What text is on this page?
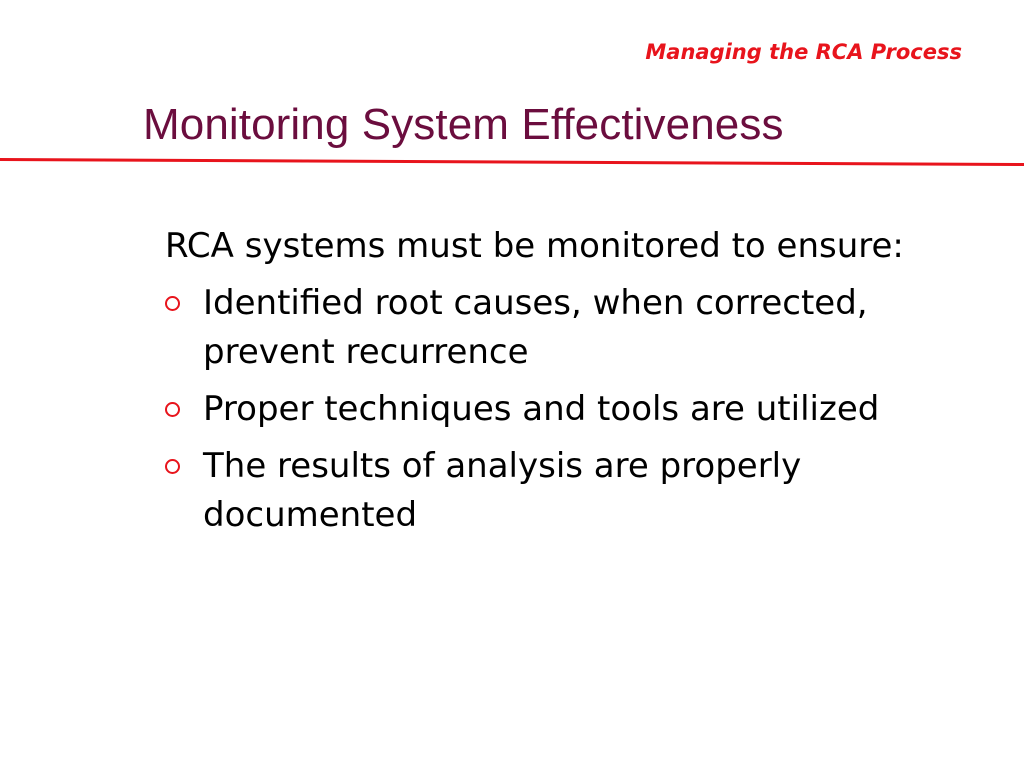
Managing the RCA Process
Monitoring System Effectiveness

RCA systems must be monitored to ensure:

Identified root causes, when corrected, prevent recurrence
Proper techniques and tools are utilized
The results of analysis are properly documented
